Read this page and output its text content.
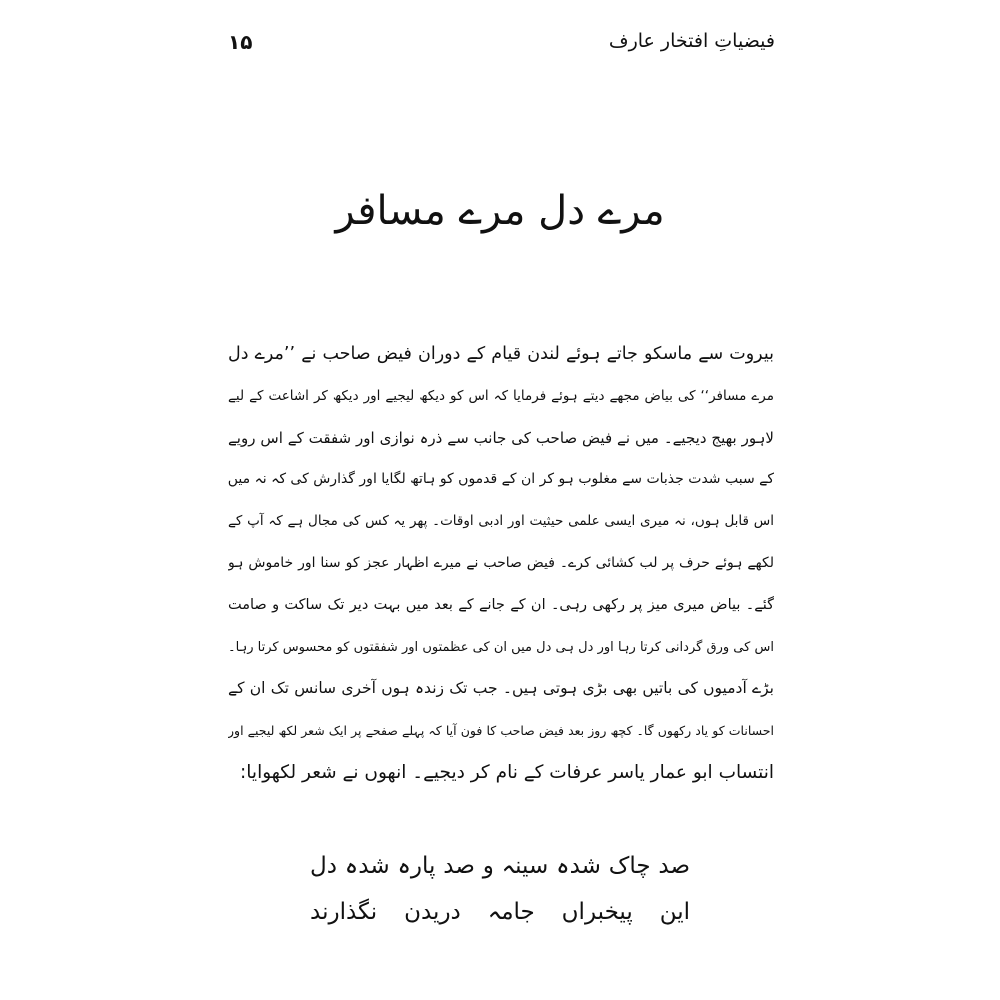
فیضیاتِ افتخار عارف
۱۵
مرے دل مرے مسافر
بیروت سے ماسکو جاتے ہوئے لندن قیام کے دوران فیض صاحب نے ’’مرے دل
مرے مسافر‘‘ کی بیاض مجھے دیتے ہوئے فرمایا کہ اس کو دیکھ لیجیے اور دیکھ کر اشاعت کے لیے
لاہور بھیج دیجیے۔ میں نے فیض صاحب کی جانب سے ذرہ نوازی اور شفقت کے اس رویے
کے سبب شدت جذبات سے مغلوب ہو کر ان کے قدموں کو ہاتھ لگایا اور گذارش کی کہ نہ میں
اس قابل ہوں، نہ میری ایسی علمی حیثیت اور ادبی اوقات۔ پھر یہ کس کی مجال ہے کہ آپ کے
لکھے ہوئے حرف پر لب کشائی کرے۔ فیض صاحب نے میرے اظہار عجز کو سنا اور خاموش ہو
گئے۔ بیاض میری میز پر رکھی رہی۔ ان کے جانے کے بعد میں بہت دیر تک ساکت و صامت
اس کی ورق گردانی کرتا رہا اور دل ہی دل میں ان کی عظمتوں اور شفقتوں کو محسوس کرتا رہا۔
بڑے آدمیوں کی باتیں بھی بڑی ہوتی ہیں۔ جب تک زندہ ہوں آخری سانس تک ان کے
احسانات کو یاد رکھوں گا۔ کچھ روز بعد فیض صاحب کا فون آیا کہ پہلے صفحے پر ایک شعر لکھ لیجیے اور
انتساب ابو عمار یاسر عرفات کے نام کر دیجیے۔ انھوں نے شعر لکھوایا:
صد چاک شدہ سینہ و صد پارہ شدہ دل
این پیخبراں جامہ دریدن نگذارند
